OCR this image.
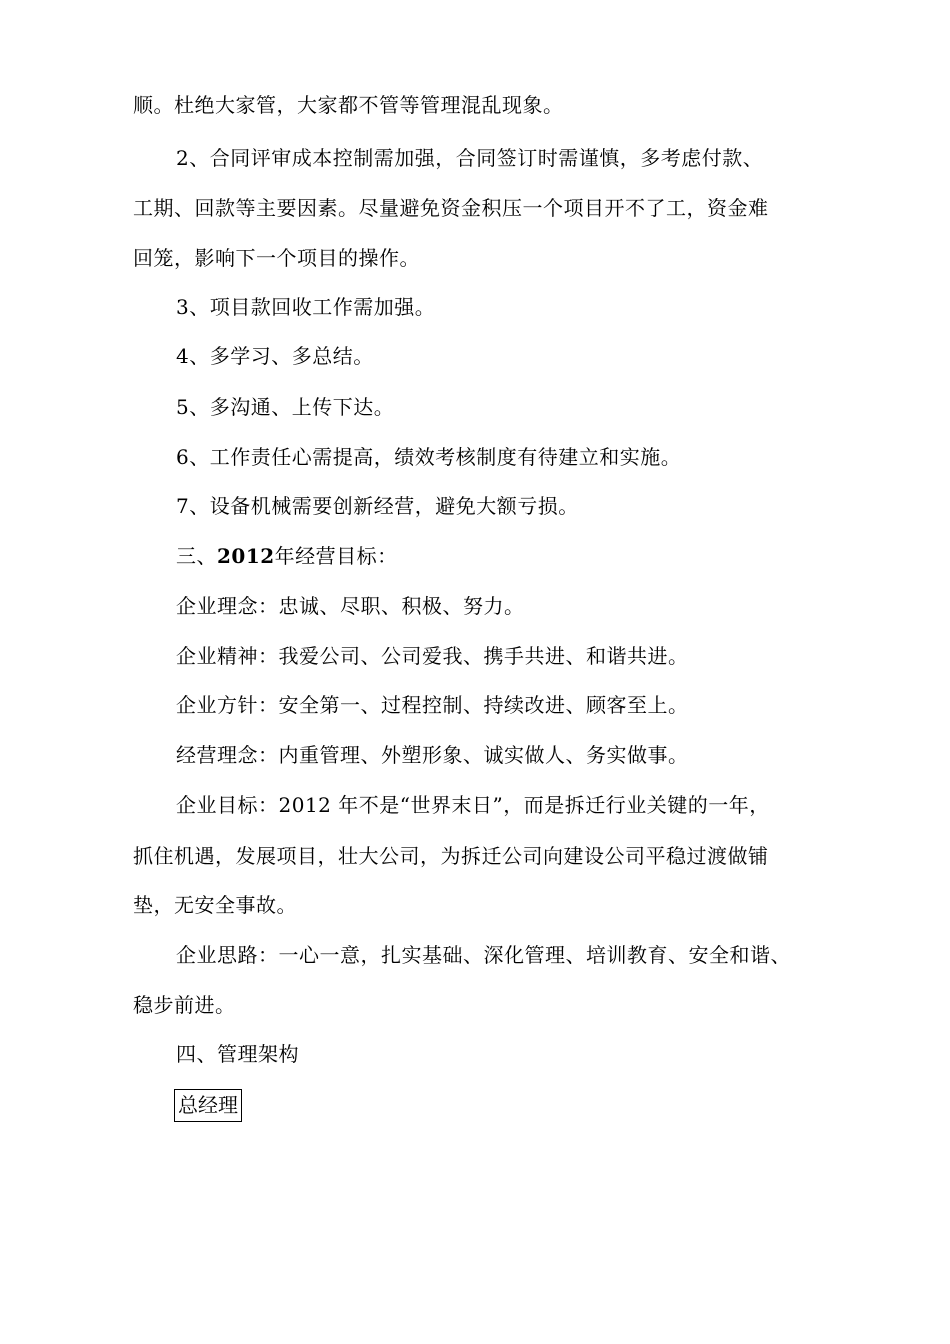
顺。杜绝大家管，大家都不管等管理混乱现象。
2、合同评审成本控制需加强，合同签订时需谨慎，多考虑付款、
工期、回款等主要因素。尽量避免资金积压一个项目开不了工，资金难
回笼，影响下一个项目的操作。
3、项目款回收工作需加强。
4、多学习、多总结。
5、多沟通、上传下达。
6、工作责任心需提高，绩效考核制度有待建立和实施。
7、设备机械需要创新经营，避免大额亏损。
三、2012年经营目标：
企业理念：忠诚、尽职、积极、努力。
企业精神：我爱公司、公司爱我、携手共进、和谐共进。
企业方针：安全第一、过程控制、持续改进、顾客至上。
经营理念：内重管理、外塑形象、诚实做人、务实做事。
企业目标：2012 年不是“世界末日”，而是拆迁行业关键的一年，
抓住机遇，发展项目，壮大公司，为拆迁公司向建设公司平稳过渡做铺
垫，无安全事故。
企业思路：一心一意，扎实基础、深化管理、培训教育、安全和谐、
稳步前进。
四、管理架构
总经理
